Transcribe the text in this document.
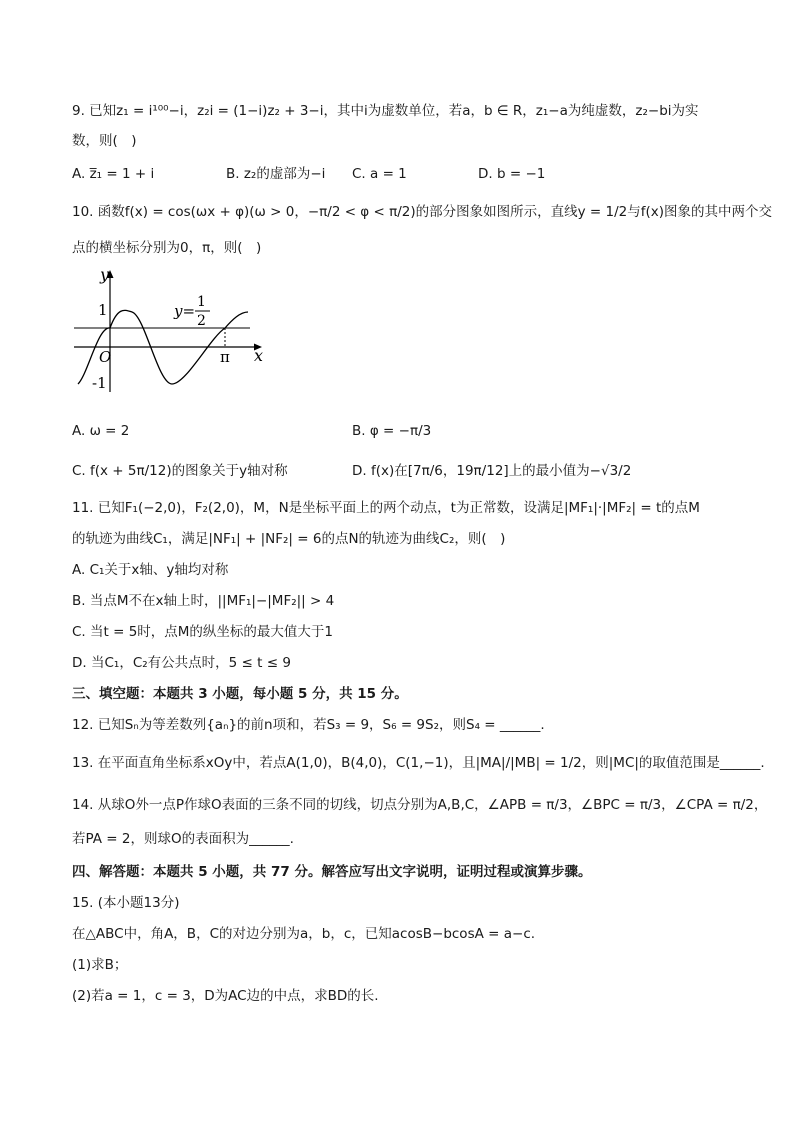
9. 已知z₁ = i¹⁰⁰−i，z₂i = (1−i)z₂ + 3−i，其中i为虚数单位，若a，b ∈ R，z₁−a为纯虚数，z₂−bi为实
数，则(　)
A. z̅₁ = 1 + i	B. z₂的虚部为−i C. a = 1	D. b = −1
10. 函数f(x) = cos(ωx + φ)(ω > 0，−π/2 < φ < π/2)的部分图象如图所示，直线y = 1/2与f(x)图象的其中两个交
点的横坐标分别为0，π，则(　)
y
x
O
1
-1
π
y= 1
2
A. ω = 2	B. φ = −π/3
C. f(x + 5π/12)的图象关于y轴对称	D. f(x)在[7π/6，19π/12]上的最小值为−√3/2
11. 已知F₁(−2,0)，F₂(2,0)，M，N是坐标平面上的两个动点，t为正常数，设满足|MF₁|·|MF₂| = t的点M
的轨迹为曲线C₁，满足|NF₁| + |NF₂| = 6的点N的轨迹为曲线C₂，则(　)
A. C₁关于x轴、y轴均对称
B. 当点M不在x轴上时，||MF₁|−|MF₂|| > 4
C. 当t = 5时，点M的纵坐标的最大值大于1
D. 当C₁，C₂有公共点时，5 ≤ t ≤ 9
三、填空题：本题共 3 小题，每小题 5 分，共 15 分。
12. 已知Sₙ为等差数列{aₙ}的前n项和，若S₃ = 9，S₆ = 9S₂，则S₄ = ______.
13. 在平面直角坐标系xOy中，若点A(1,0)，B(4,0)，C(1,−1)，且|MA|/|MB| = 1/2，则|MC|的取值范围是______.
14. 从球O外一点P作球O表面的三条不同的切线，切点分别为A,B,C，∠APB = π/3，∠BPC = π/3，∠CPA = π/2，
若PA = 2，则球O的表面积为______.
四、解答题：本题共 5 小题，共 77 分。解答应写出文字说明，证明过程或演算步骤。
15. (本小题13分)
在△ABC中，角A，B，C的对边分别为a，b，c，已知acosB−bcosA = a−c.
(1)求B；
(2)若a = 1，c = 3，D为AC边的中点，求BD的长.
